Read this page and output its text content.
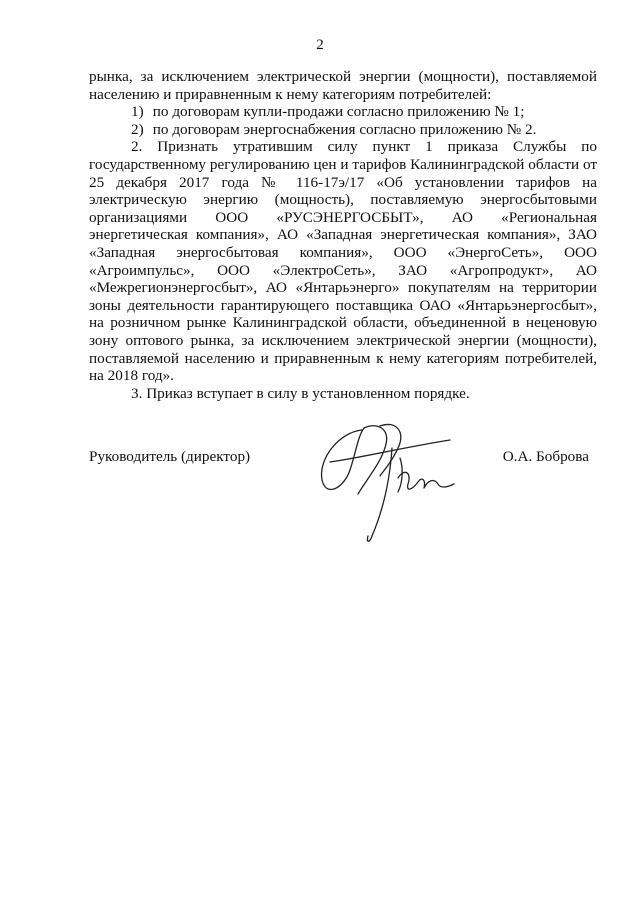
2

рынка, за исключением электрической энергии (мощности), поставляемой населению и приравненным к нему категориям потребителей:

1) по договорам купли-продажи согласно приложению № 1;

2) по договорам энергоснабжения согласно приложению № 2.

2. Признать утратившим силу пункт 1 приказа Службы по государственному регулированию цен и тарифов Калининградской области от 25 декабря 2017 года № 116-17э/17 «Об установлении тарифов на электрическую энергию (мощность), поставляемую энергосбытовыми организациями ООО «РУСЭНЕРГОСБЫТ», АО «Региональная энергетическая компания», АО «Западная энергетическая компания», ЗАО «Западная энергосбытовая компания», ООО «ЭнергоСеть», ООО «Агроимпульс», ООО «ЭлектроСеть», ЗАО «Агропродукт», АО «Межрегионэнергосбыт», АО «Янтарьэнерго» покупателям на территории зоны деятельности гарантирующего поставщика ОАО «Янтарьэнергосбыт», на розничном рынке Калининградской области, объединенной в неценовую зону оптового рынка, за исключением электрической энергии (мощности), поставляемой населению и приравненным к нему категориям потребителей, на 2018 год».

3. Приказ вступает в силу в установленном порядке.

Руководитель (директор)	О.А. Боброва
